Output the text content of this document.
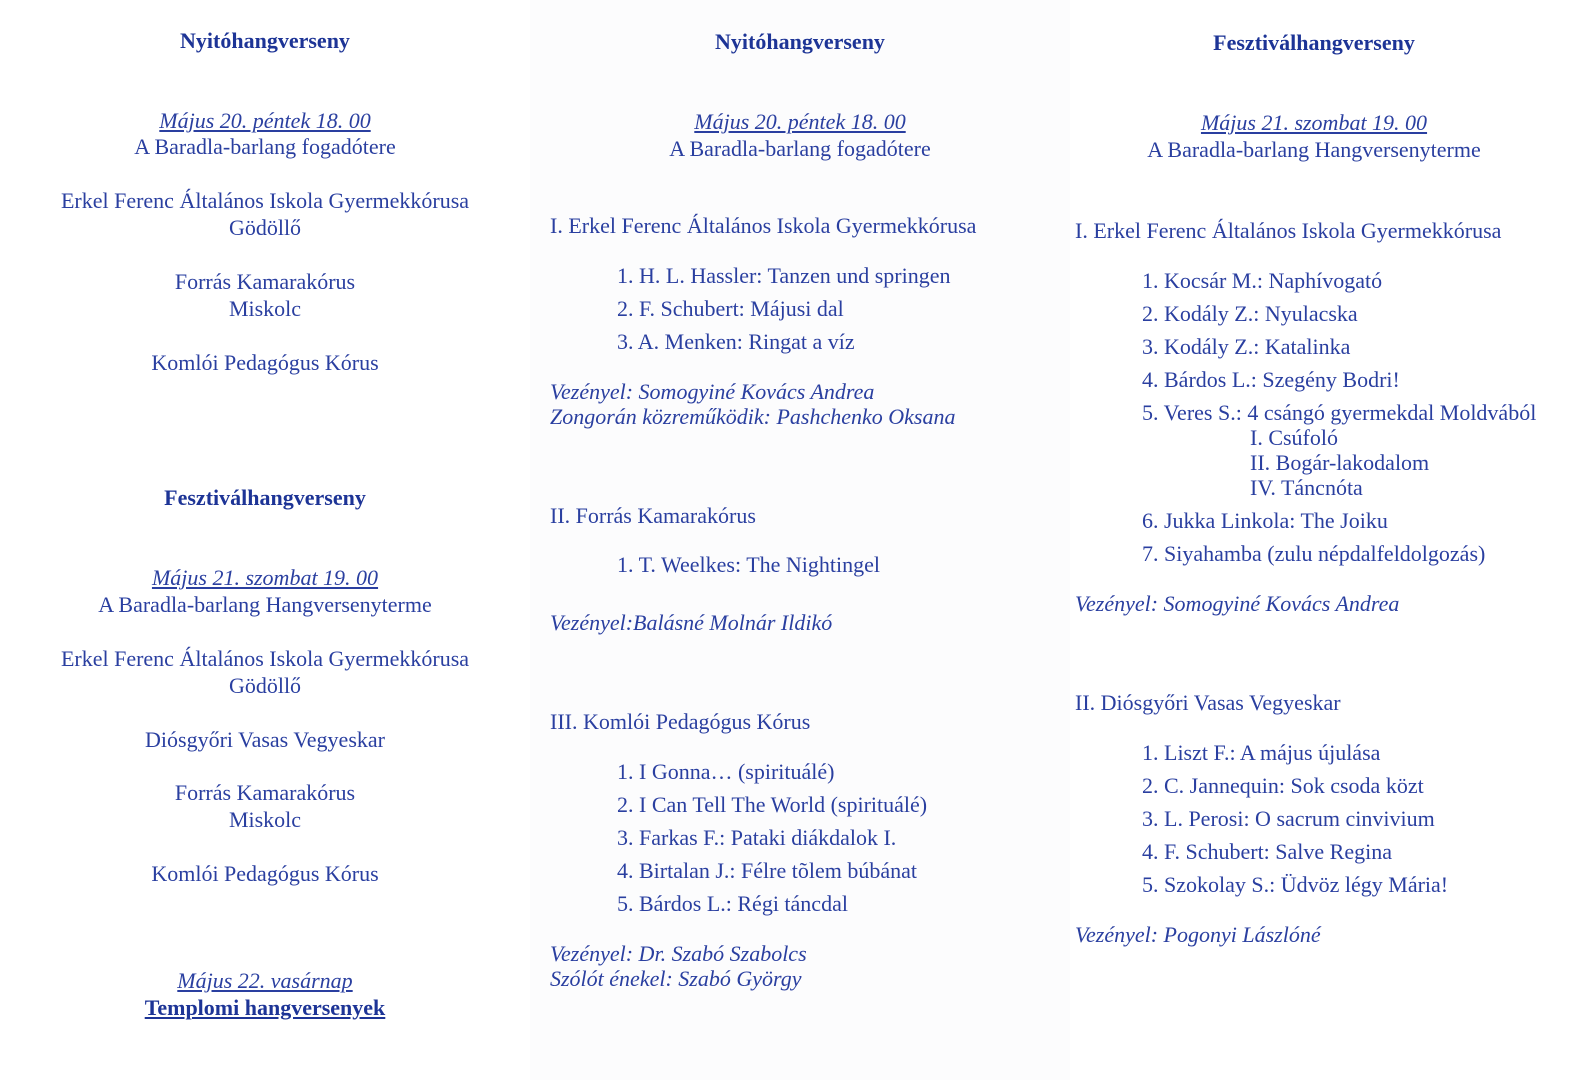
Nyitóhangverseny
Május 20. péntek 18. 00
A Baradla-barlang fogadótere
Erkel Ferenc Általános Iskola Gyermekkórusa
Gödöllő
Forrás Kamarakórus
Miskolc
Komlói Pedagógus Kórus
Fesztiválhangverseny
Május 21. szombat 19. 00
A Baradla-barlang Hangversenyterme
Erkel Ferenc Általános Iskola Gyermekkórusa
Gödöllő
Diósgyőri Vasas Vegyeskar
Forrás Kamarakórus
Miskolc
Komlói Pedagógus Kórus
Május 22. vasárnap
Templomi hangversenyek
Nyitóhangverseny
Május 20. péntek 18. 00
A Baradla-barlang fogadótere
I. Erkel Ferenc Általános Iskola Gyermekkórusa
1. H. L. Hassler: Tanzen und springen
2. F. Schubert: Májusi dal
3. A. Menken: Ringat a víz
Vezényel: Somogyiné Kovács Andrea
Zongorán közreműködik: Pashchenko Oksana
II. Forrás Kamarakórus
1. T. Weelkes: The Nightingel
Vezényel:Balásné Molnár Ildikó
III. Komlói Pedagógus Kórus
1. I Gonna… (spirituálé)
2. I Can Tell The World (spirituálé)
3. Farkas F.: Pataki diákdalok I.
4. Birtalan J.: Félre tõlem búbánat
5. Bárdos L.: Régi táncdal
Vezényel: Dr. Szabó Szabolcs
Szólót énekel: Szabó György
Fesztiválhangverseny
Május 21. szombat 19. 00
A Baradla-barlang Hangversenyterme
I. Erkel Ferenc Általános Iskola Gyermekkórusa
1. Kocsár M.: Naphívogató
2. Kodály Z.: Nyulacska
3. Kodály Z.: Katalinka
4. Bárdos L.: Szegény Bodri!
5. Veres S.: 4 csángó gyermekdal Moldvából
I. Csúfoló
II. Bogár-lakodalom
IV. Táncnóta
6. Jukka Linkola: The Joiku
7. Siyahamba (zulu népdalfeldolgozás)
Vezényel: Somogyiné Kovács Andrea
II. Diósgyőri Vasas Vegyeskar
1. Liszt F.: A május újulása
2. C. Jannequin: Sok csoda közt
3. L. Perosi: O sacrum cinvivium
4. F. Schubert: Salve Regina
5. Szokolay S.: Üdvöz légy Mária!
Vezényel: Pogonyi Lászlóné
